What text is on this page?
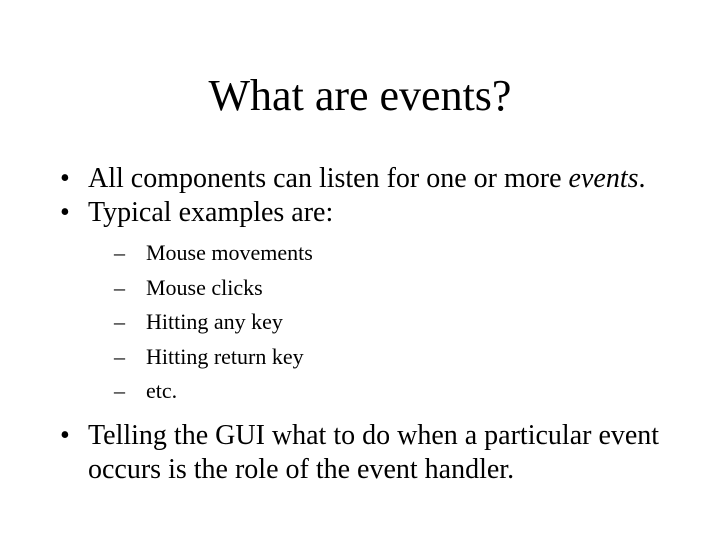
What are events?
• All components can listen for one or more events.
• Typical examples are:
– Mouse movements
– Mouse clicks
– Hitting any key
– Hitting return key
– etc.
• Telling the GUI what to do when a particular event occurs is the role of the event handler.
